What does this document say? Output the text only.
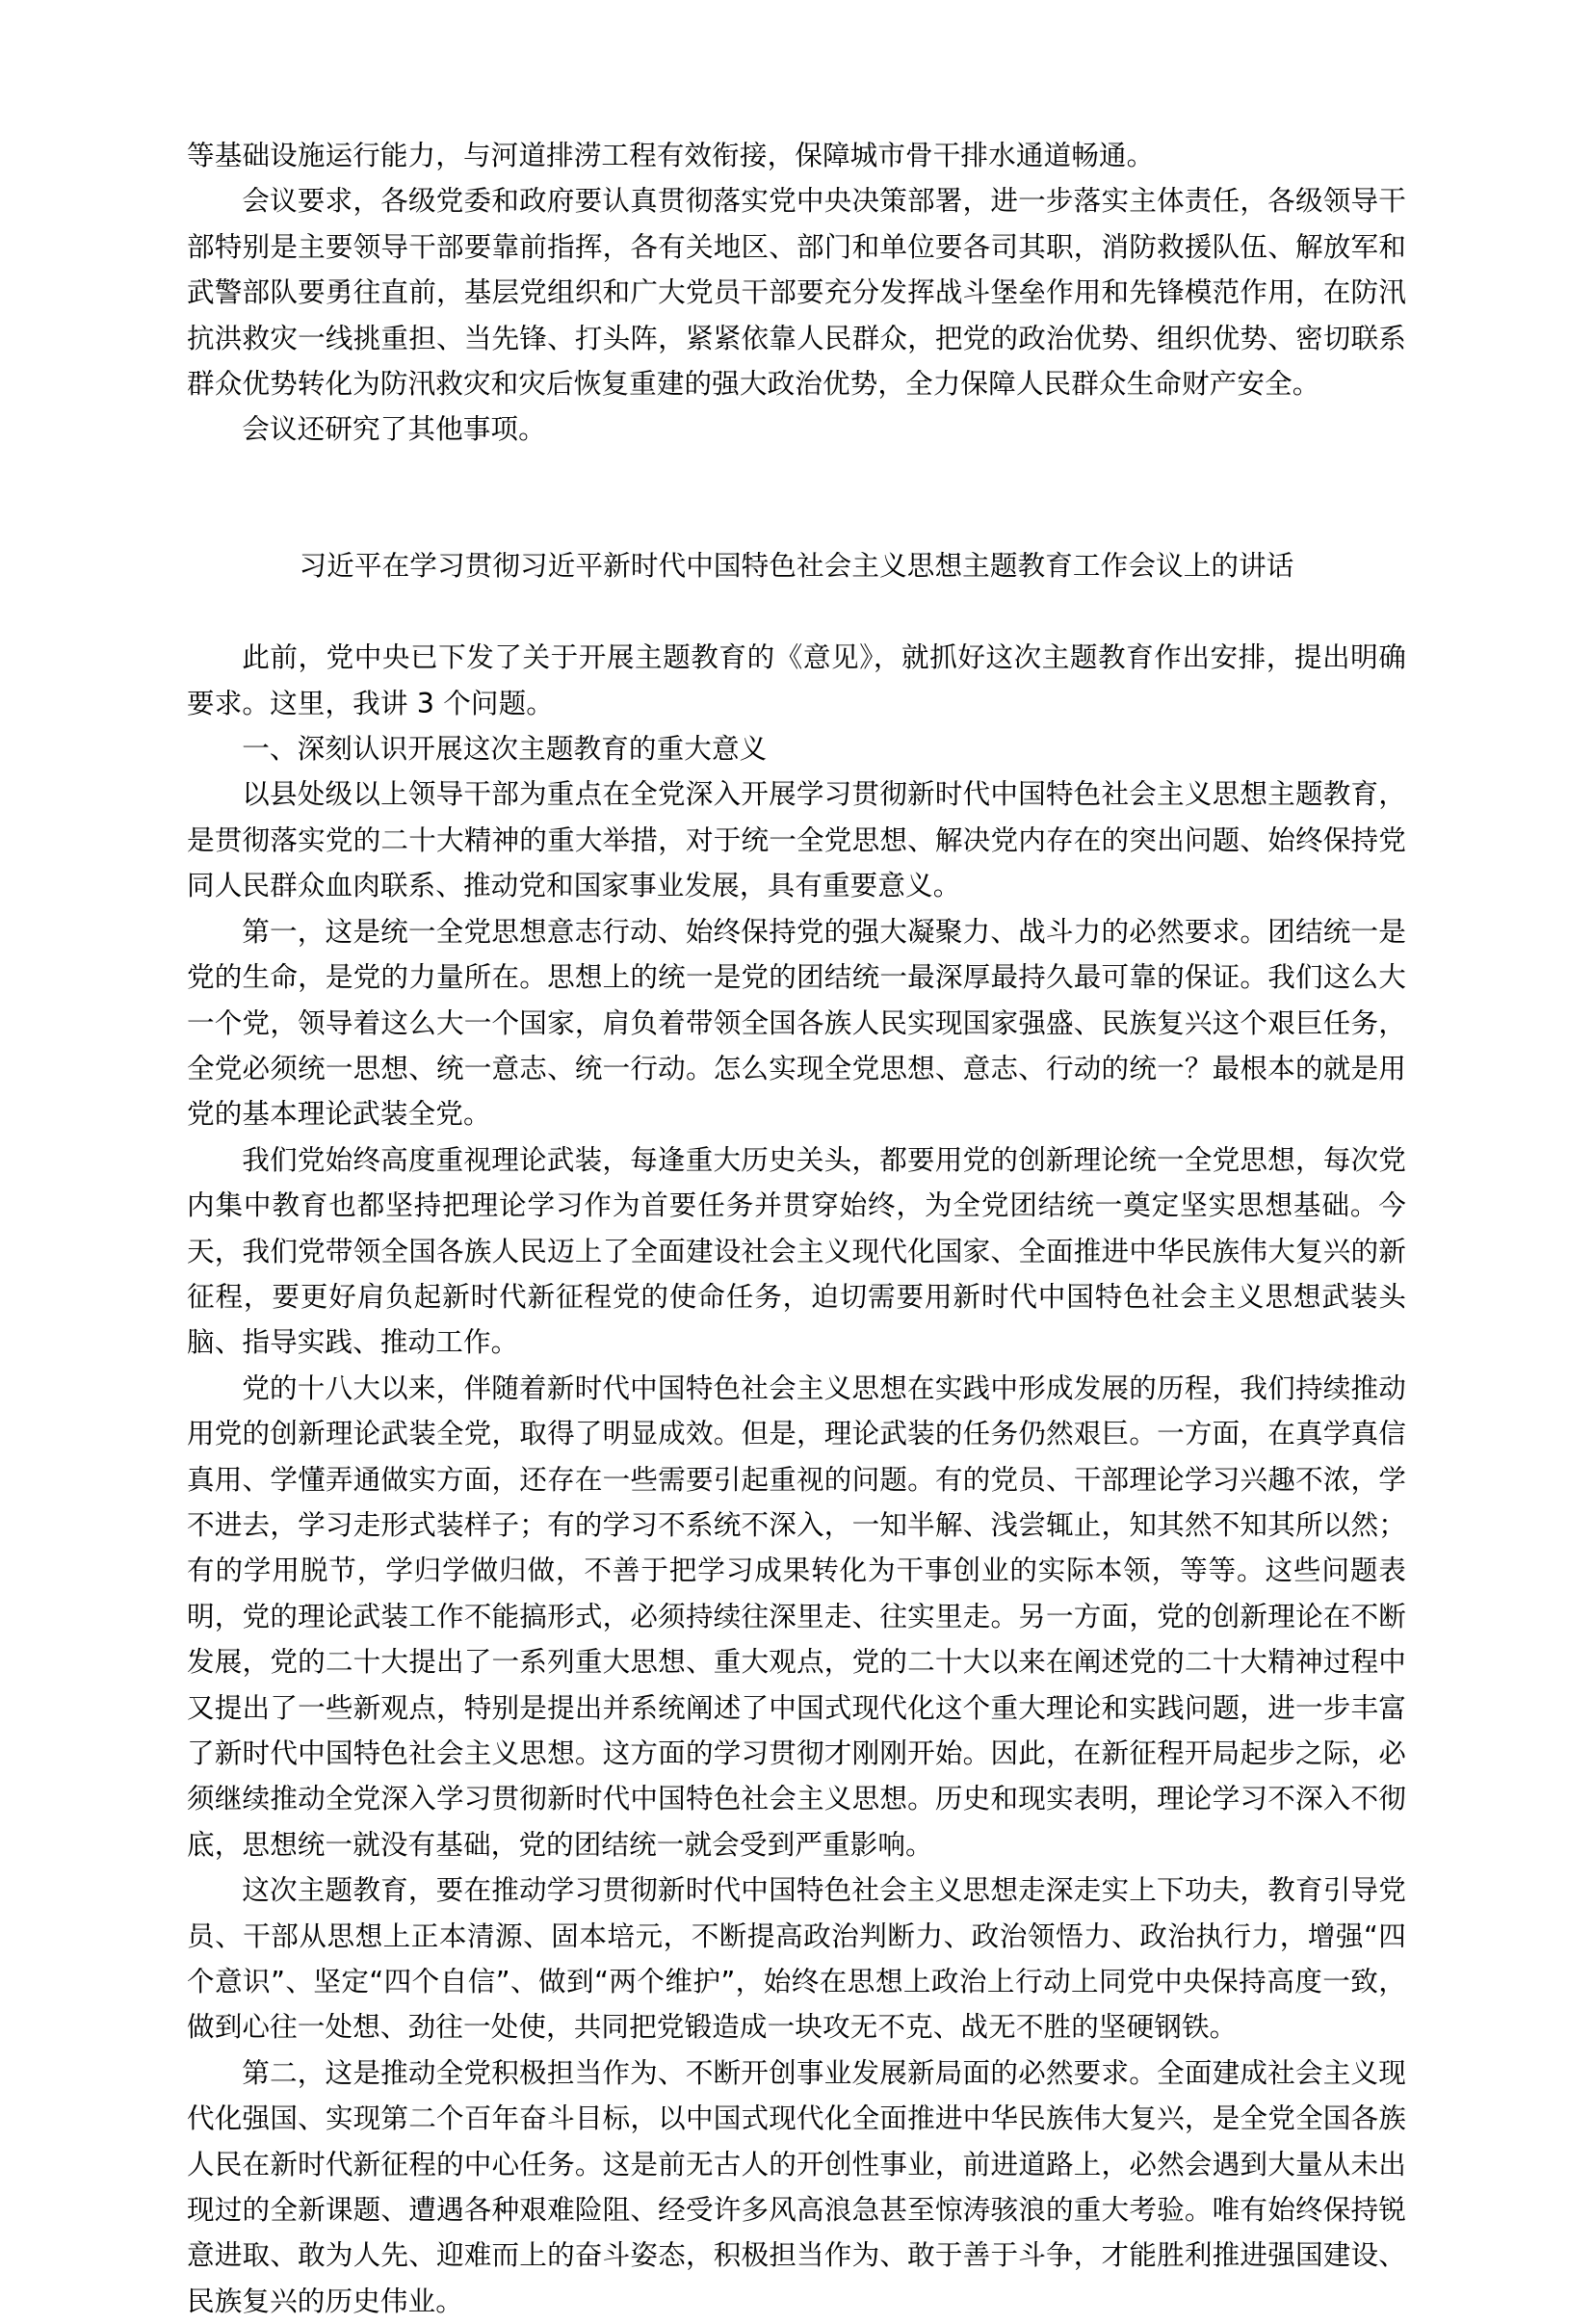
等基础设施运行能力，与河道排涝工程有效衔接，保障城市骨干排水通道畅通。

会议要求，各级党委和政府要认真贯彻落实党中央决策部署，进一步落实主体责任，各级领导干部特别是主要领导干部要靠前指挥，各有关地区、部门和单位要各司其职，消防救援队伍、解放军和武警部队要勇往直前，基层党组织和广大党员干部要充分发挥战斗堡垒作用和先锋模范作用，在防汛抗洪救灾一线挑重担、当先锋、打头阵，紧紧依靠人民群众，把党的政治优势、组织优势、密切联系群众优势转化为防汛救灾和灾后恢复重建的强大政治优势，全力保障人民群众生命财产安全。

会议还研究了其他事项。

习近平在学习贯彻习近平新时代中国特色社会主义思想主题教育工作会议上的讲话

此前，党中央已下发了关于开展主题教育的《意见》，就抓好这次主题教育作出安排，提出明确要求。这里，我讲 3 个问题。

一、深刻认识开展这次主题教育的重大意义

以县处级以上领导干部为重点在全党深入开展学习贯彻新时代中国特色社会主义思想主题教育，是贯彻落实党的二十大精神的重大举措，对于统一全党思想、解决党内存在的突出问题、始终保持党同人民群众血肉联系、推动党和国家事业发展，具有重要意义。

第一，这是统一全党思想意志行动、始终保持党的强大凝聚力、战斗力的必然要求。团结统一是党的生命，是党的力量所在。思想上的统一是党的团结统一最深厚最持久最可靠的保证。我们这么大一个党，领导着这么大一个国家，肩负着带领全国各族人民实现国家强盛、民族复兴这个艰巨任务，全党必须统一思想、统一意志、统一行动。怎么实现全党思想、意志、行动的统一？最根本的就是用党的基本理论武装全党。

我们党始终高度重视理论武装，每逢重大历史关头，都要用党的创新理论统一全党思想，每次党内集中教育也都坚持把理论学习作为首要任务并贯穿始终，为全党团结统一奠定坚实思想基础。今天，我们党带领全国各族人民迈上了全面建设社会主义现代化国家、全面推进中华民族伟大复兴的新征程，要更好肩负起新时代新征程党的使命任务，迫切需要用新时代中国特色社会主义思想武装头脑、指导实践、推动工作。

党的十八大以来，伴随着新时代中国特色社会主义思想在实践中形成发展的历程，我们持续推动用党的创新理论武装全党，取得了明显成效。但是，理论武装的任务仍然艰巨。一方面，在真学真信真用、学懂弄通做实方面，还存在一些需要引起重视的问题。有的党员、干部理论学习兴趣不浓，学不进去，学习走形式装样子；有的学习不系统不深入，一知半解、浅尝辄止，知其然不知其所以然；有的学用脱节，学归学做归做，不善于把学习成果转化为干事创业的实际本领，等等。这些问题表明，党的理论武装工作不能搞形式，必须持续往深里走、往实里走。另一方面，党的创新理论在不断发展，党的二十大提出了一系列重大思想、重大观点，党的二十大以来在阐述党的二十大精神过程中又提出了一些新观点，特别是提出并系统阐述了中国式现代化这个重大理论和实践问题，进一步丰富了新时代中国特色社会主义思想。这方面的学习贯彻才刚刚开始。因此，在新征程开局起步之际，必须继续推动全党深入学习贯彻新时代中国特色社会主义思想。历史和现实表明，理论学习不深入不彻底，思想统一就没有基础，党的团结统一就会受到严重影响。

这次主题教育，要在推动学习贯彻新时代中国特色社会主义思想走深走实上下功夫，教育引导党员、干部从思想上正本清源、固本培元，不断提高政治判断力、政治领悟力、政治执行力，增强“四个意识”、坚定“四个自信”、做到“两个维护”，始终在思想上政治上行动上同党中央保持高度一致，做到心往一处想、劲往一处使，共同把党锻造成一块攻无不克、战无不胜的坚硬钢铁。

第二，这是推动全党积极担当作为、不断开创事业发展新局面的必然要求。全面建成社会主义现代化强国、实现第二个百年奋斗目标，以中国式现代化全面推进中华民族伟大复兴，是全党全国各族人民在新时代新征程的中心任务。这是前无古人的开创性事业，前进道路上，必然会遇到大量从未出现过的全新课题、遭遇各种艰难险阻、经受许多风高浪急甚至惊涛骇浪的重大考验。唯有始终保持锐意进取、敢为人先、迎难而上的奋斗姿态，积极担当作为、敢于善于斗争，才能胜利推进强国建设、民族复兴的历史伟业。
